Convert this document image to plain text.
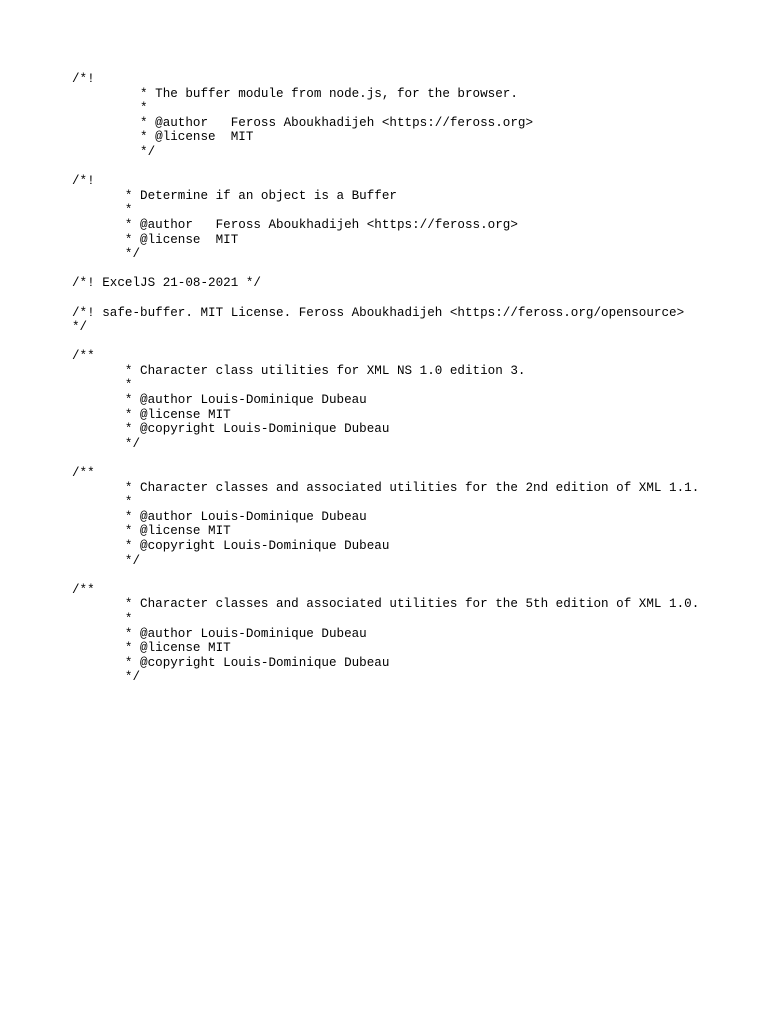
/*!
* The buffer module from node.js, for the browser.
*
* @author   Feross Aboukhadijeh <https://feross.org>
* @license  MIT
*/
/*!
* Determine if an object is a Buffer
*
* @author   Feross Aboukhadijeh <https://feross.org>
* @license  MIT
*/
/*! ExcelJS 21-08-2021 */
/*! safe-buffer. MIT License. Feross Aboukhadijeh <https://feross.org/opensource>
*/
/**
* Character class utilities for XML NS 1.0 edition 3.
*
* @author Louis-Dominique Dubeau
* @license MIT
* @copyright Louis-Dominique Dubeau
*/
/**
* Character classes and associated utilities for the 2nd edition of XML 1.1.
*
* @author Louis-Dominique Dubeau
* @license MIT
* @copyright Louis-Dominique Dubeau
*/
/**
* Character classes and associated utilities for the 5th edition of XML 1.0.
*
* @author Louis-Dominique Dubeau
* @license MIT
* @copyright Louis-Dominique Dubeau
*/
